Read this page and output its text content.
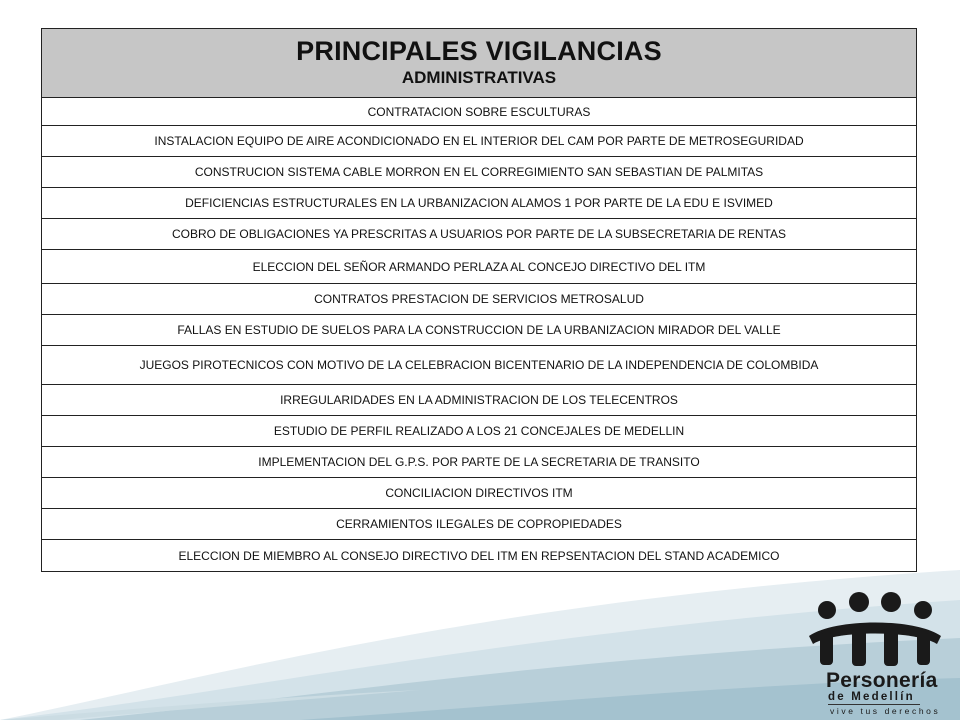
PRINCIPALES VIGILANCIAS
ADMINISTRATIVAS
CONTRATACION SOBRE ESCULTURAS
INSTALACION EQUIPO DE AIRE ACONDICIONADO EN EL INTERIOR DEL CAM POR PARTE DE METROSEGURIDAD
CONSTRUCION SISTEMA CABLE MORRON EN EL CORREGIMIENTO SAN SEBASTIAN DE PALMITAS
DEFICIENCIAS ESTRUCTURALES EN LA URBANIZACION ALAMOS 1 POR PARTE DE LA EDU E ISVIMED
COBRO DE OBLIGACIONES YA PRESCRITAS A USUARIOS POR PARTE DE LA SUBSECRETARIA DE RENTAS
ELECCION DEL SEÑOR ARMANDO PERLAZA AL CONCEJO DIRECTIVO DEL ITM
CONTRATOS PRESTACION DE SERVICIOS METROSALUD
FALLAS EN ESTUDIO DE SUELOS PARA LA CONSTRUCCION DE LA URBANIZACION MIRADOR DEL VALLE
JUEGOS PIROTECNICOS CON MOTIVO DE LA CELEBRACION BICENTENARIO DE LA INDEPENDENCIA DE COLOMBIDA
IRREGULARIDADES EN LA ADMINISTRACION DE LOS TELECENTROS
ESTUDIO DE PERFIL REALIZADO A LOS 21 CONCEJALES DE MEDELLIN
IMPLEMENTACION DEL G.P.S. POR PARTE DE LA SECRETARIA DE TRANSITO
CONCILIACION DIRECTIVOS ITM
CERRAMIENTOS ILEGALES DE COPROPIEDADES
ELECCION DE MIEMBRO AL CONSEJO DIRECTIVO DEL ITM EN REPSENTACION DEL STAND ACADEMICO
Personería
de Medellín
vive tus derechos
